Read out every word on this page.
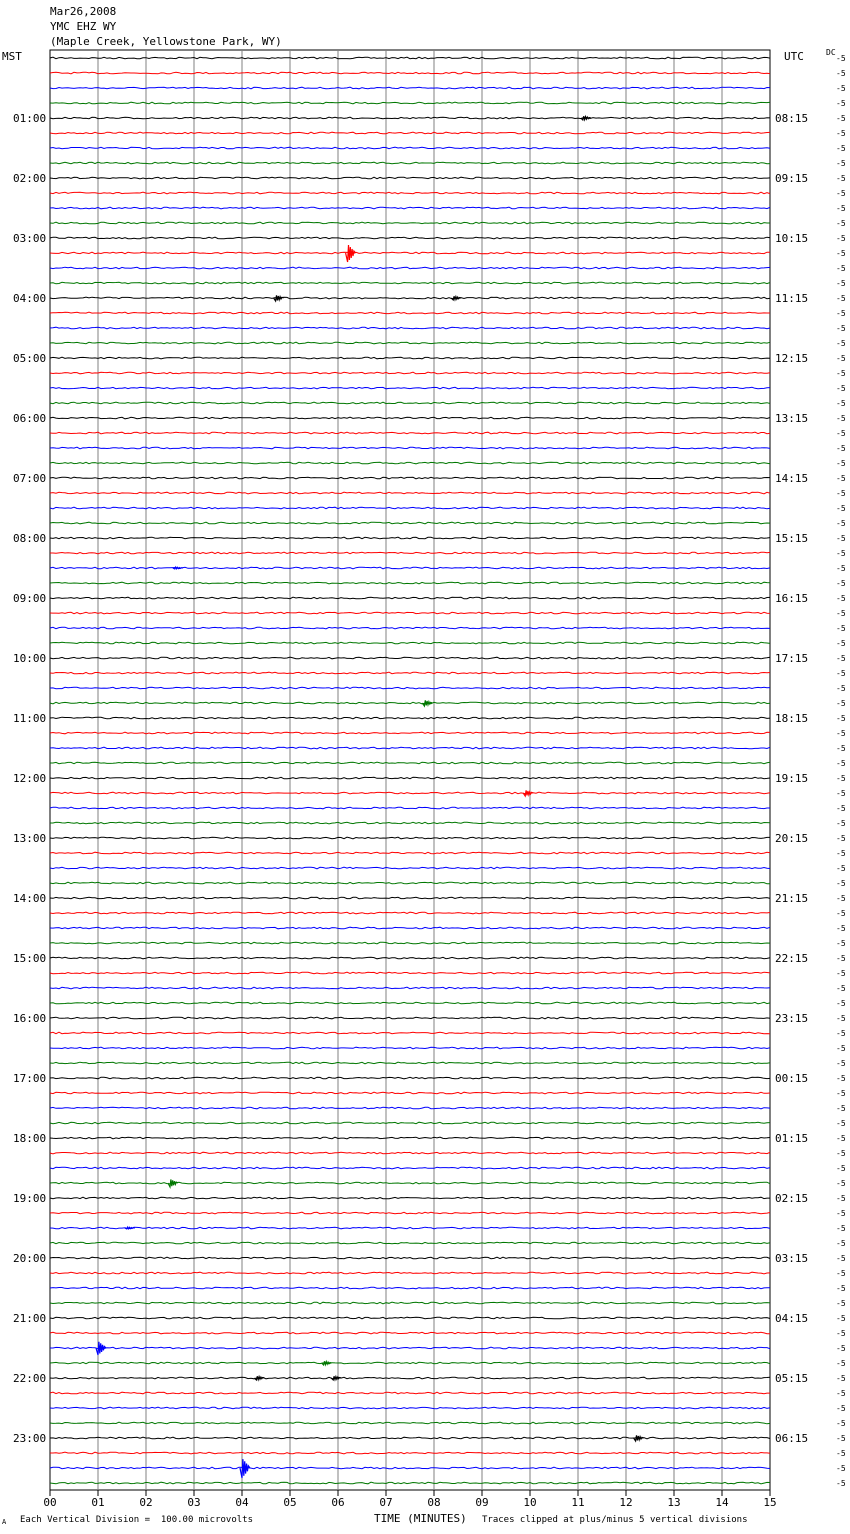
Mar26,2008
YMC EHZ WY
(Maple Creek, Yellowstone Park, WY)
MST	UTC	DC
-5
-5
-5
-5
-5
-5
-5
-5
-5
-5
-5
-5
-5
-5
-5
-5
-5
-5
-5
-5
-5
-5
-5
-5
-5
-5
-5
-5
-5
-5
-5
-5
-5
-5
-5
-5
-5
-5
-5
-5
-5
-5
-5
-5
-5
-5
-5
-5
-5
-5
-5
-5
-5
-5
-5
-5
-5
-5
-5
-5
-5
-5
-5
-5
-5
-5
-5
-5
-5
-5
-5
-5
-5
-5
-5
-5
-5
-5
-5
-5
-5
-5
-5
-5
-5
-5
-5
-5
-5
-5
-5
-5
-5
-5
-5
-5
01:00
02:00
03:00
04:00
05:00
06:00
07:00
08:00
09:00
10:00
11:00
12:00
13:00
14:00
15:00
16:00
17:00
18:00
19:00
20:00
21:00
22:00
23:00
08:15
09:15
10:15
11:15
12:15
13:15
14:15
15:15
16:15
17:15
18:15
19:15
20:15
21:15
22:15
23:15
00:15
01:15
02:15
03:15
04:15
05:15
06:15
00	01	02	03	04	05	06	07	08	09	10	11	12	13	14	15
Each Vertical Division =  100.00 microvolts	TIME (MINUTES) Traces clipped at plus/minus 5 vertical divisions
A
